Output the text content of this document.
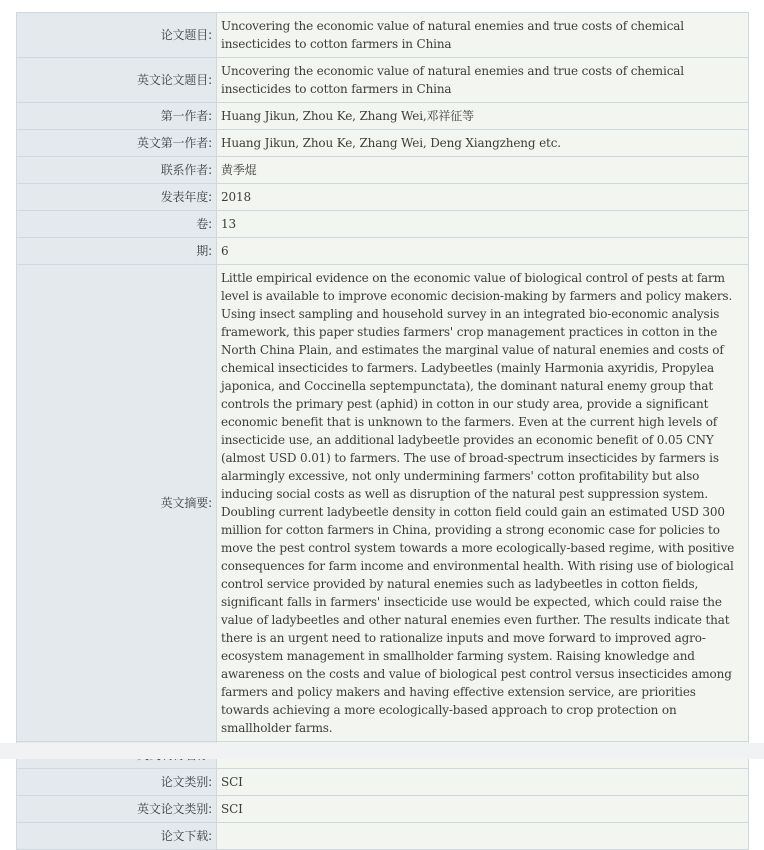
论文题目:	Uncovering the economic value of natural enemies and true costs of chemical insecticides to cotton farmers in China
英文论文题目:	Uncovering the economic value of natural enemies and true costs of chemical insecticides to cotton farmers in China
第一作者:	Huang Jikun, Zhou Ke, Zhang Wei,邓祥征等
英文第一作者:	Huang Jikun, Zhou Ke, Zhang Wei, Deng Xiangzheng etc.
联系作者:	黄季焜
发表年度:	2018
卷:	13
期:	6
英文摘要:	Little empirical evidence on the economic value of biological control of pests at farm level is available to improve economic decision-making by farmers and policy makers. Using insect sampling and household survey in an integrated bio-economic analysis framework, this paper studies farmers' crop management practices in cotton in the North China Plain, and estimates the marginal value of natural enemies and costs of chemical insecticides to farmers. Ladybeetles (mainly Harmonia axyridis, Propylea japonica, and Coccinella septempunctata), the dominant natural enemy group that controls the primary pest (aphid) in cotton in our study area, provide a significant economic benefit that is unknown to the farmers. Even at the current high levels of insecticide use, an additional ladybeetle provides an economic benefit of 0.05 CNY (almost USD 0.01) to farmers. The use of broad-spectrum insecticides by farmers is alarmingly excessive, not only undermining farmers' cotton profitability but also inducing social costs as well as disruption of the natural pest suppression system. Doubling current ladybeetle density in cotton field could gain an estimated USD 300 million for cotton farmers in China, providing a strong economic case for policies to move the pest control system towards a more ecologically-based regime, with positive consequences for farm income and environmental health. With rising use of biological control service provided by natural enemies such as ladybeetles in cotton fields, significant falls in farmers' insecticide use would be expected, which could raise the value of ladybeetles and other natural enemies even further. The results indicate that there is an urgent need to rationalize inputs and move forward to improved agro-ecosystem management in smallholder farming system. Raising knowledge and awareness on the costs and value of biological pest control versus insecticides among farmers and policy makers and having effective extension service, are priorities towards achieving a more ecologically-based approach to crop protection on smallholder farms.

论文类别:	SCI
英文论文类别:	SCI
论文下载:	
